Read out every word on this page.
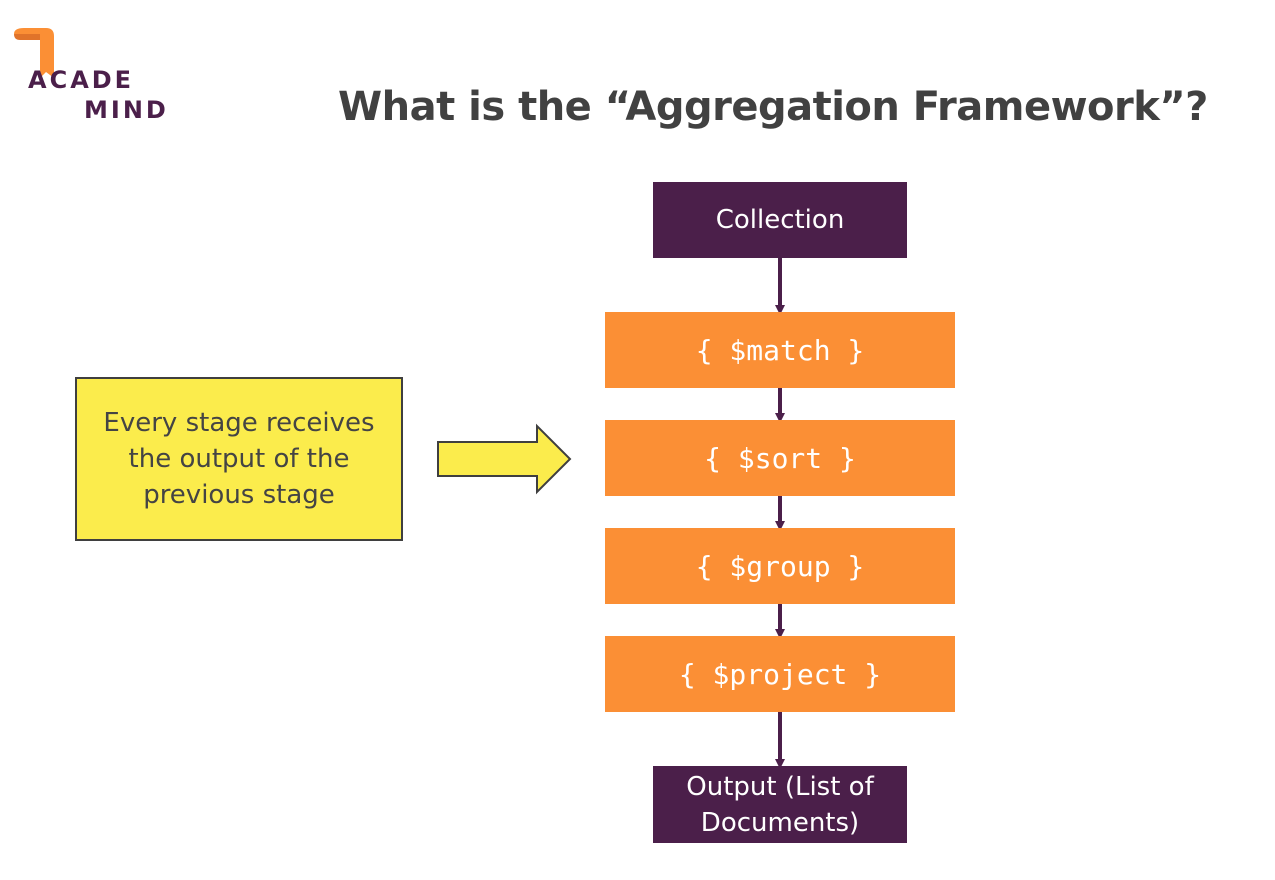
ACADE
MIND	What is the “Aggregation Framework”?
Collection
{ $match }
{ $sort }
{ $group }
{ $project }
Output (List of Documents)
Every stage receives the output of the previous stage
